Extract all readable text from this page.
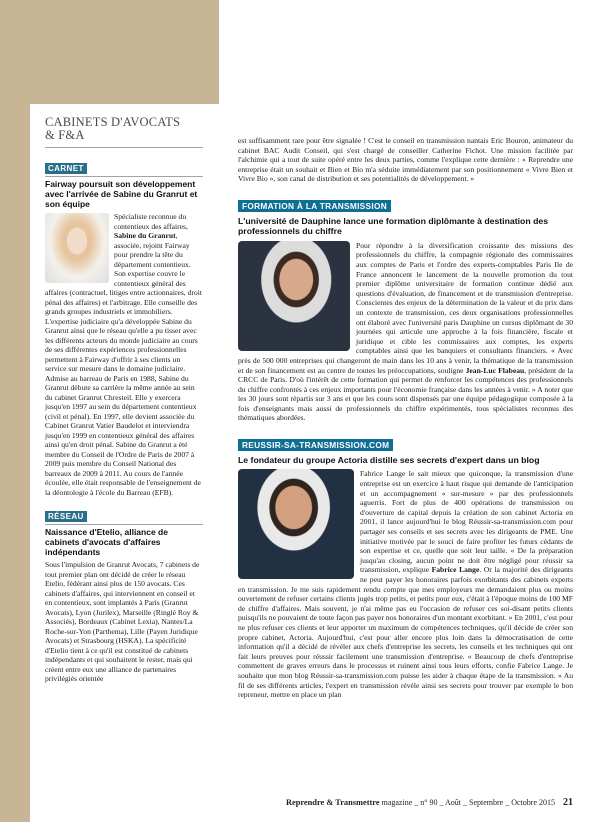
CABINETS D'AVOCATS
& F&A

CARNET
Fairway poursuit son développement avec l'arrivée de Sabine du Granrut et son équipe

Spécialiste reconnue du contentieux des affaires, Sabine du Granrut, associée, rejoint Fairway pour prendre la tête du département contentieux. Son expertise couvre le contentieux général des affaires (contractuel, litiges entre actionnaires, droit pénal des affaires) et l'arbitrage. Elle conseille des grands groupes industriels et immobiliers. L'expertise judiciaire qu'a développée Sabine du Granrut ainsi que le réseau qu'elle a pu tisser avec les différents acteurs du monde judiciaire au cours de ses différentes expériences professionnelles permettent à Fairway d'offrir à ses clients un service sur mesure dans le domaine judiciaire. Admise au barreau de Paris en 1988, Sabine du Granrut débute sa carrière la même année au sein du cabinet Granrut Chresteil. Elle y exercera jusqu'en 1997 au sein du département contentieux (civil et pénal). En 1997, elle devient associée du Cabinet Granrut Vatier Baudelot et interviendra jusqu'en 1999 en contentieux général des affaires ainsi qu'en droit pénal. Sabine du Granrut a été membre du Conseil de l'Ordre de Paris de 2007 à 2009 puis membre du Conseil National des barreaux de 2009 à 2011. Au cours de l'année écoulée, elle était responsable de l'enseignement de la déontologie à l'école du Barreau (EFB).

RÉSEAU
Naissance d'Etelio, alliance de cabinets d'avocats d'affaires indépendants

Sous l'impulsion de Granrut Avocats, 7 cabinets de tout premier plan ont décidé de créer le réseau Etelio, fédérant ainsi plus de 150 avocats. Ces cabinets d'affaires, qui interviennent en conseil et en contentieux, sont implantés à Paris (Granrut Avocats), Lyon (Jurilex), Marseille (Ringlé Roy & Associés), Bordeaux (Cabinet Lexia), Nantes/La Roche-sur-Yon (Parthema), Lille (Payen Juridique Avocats) et Strasbourg (HSKA). La spécificité d'Etelio tient à ce qu'il est constitué de cabinets indépendants et qui souhaitent le rester, mais qui créent entre eux une alliance de partenaires privilégiés orientée

est suffisamment rare pour être signalée ! C'est le conseil en transmission nantais Eric Bouron, animateur du cabinet BAC Audit Conseil, qui s'est chargé de conseiller Catherine Fichot. Une mission facilitée par l'alchimie qui a tout de suite opéré entre les deux parties, comme l'explique cette dernière : « Reprendre une entreprise était un souhait et Bien et Bio m'a séduite immédiatement par son positionnement « Vivre Bien et Vivre Bio », son canal de distribution et ses potentialités de développement. »

FORMATION À LA TRANSMISSION
L'université de Dauphine lance une formation diplômante à destination des professionnels du chiffre

Pour répondre à la diversification croissante des missions des professionnels du chiffre, la compagnie régionale des commissaires aux comptes de Paris et l'ordre des experts-comptables Paris Ile de France annoncent le lancement de la nouvelle promotion du tout premier diplôme universitaire de formation continue dédié aux questions d'évaluation, de financement et de transmission d'entreprise. Conscientes des enjeux de la détermination de la valeur et du prix dans un contexte de transmission, ces deux organisations professionnelles ont élaboré avec l'université paris Dauphine un cursus diplômant de 30 journées qui articule une approche à la fois financière, fiscale et juridique et cible les commissaires aux comptes, les experts comptables ainsi que les banquiers et consultants financiers. « Avec près de 500 000 entreprises qui changeront de main dans les 10 ans à venir, la thématique de la transmission et de son financement est au centre de toutes les préoccupations, souligne Jean-Luc Flabeau, président de la CRCC de Paris. D'où l'intérêt de cette formation qui permet de renforcer les compétences des professionnels du chiffre confrontés à ces enjeux importants pour l'économie française dans les années à venir. » A noter que les 30 jours sont répartis sur 3 ans et que les cours sont dispensés par une équipe pédagogique composée à la fois d'enseignants mais aussi de professionnels du chiffre expérimentés, tous spécialistes reconnus des thématiques abordées.

REUSSIR-SA-TRANSMISSION.COM
Le fondateur du groupe Actoria distille ses secrets d'expert dans un blog

Fabrice Lange le sait mieux que quiconque, la transmission d'une entreprise est un exercice à haut risque qui demande de l'anticipation et un accompagnement « sur-mesure » par des professionnels aguerris. Fort de plus de 400 opérations de transmission ou d'ouverture de capital depuis la création de son cabinet Actoria en 2001, il lance aujourd'hui le blog Réussir-sa-transmission.com pour partager ses conseils et ses secrets avec les dirigeants de PME. Une initiative motivée par le souci de faire profiter les futurs cédants de son expertise et ce, quelle que soit leur taille. « De la préparation jusqu'au closing, aucun point ne doit être négligé pour réussir sa transmission, explique Fabrice Lange. Or la majorité des dirigeants ne peut payer les honoraires parfois exorbitants des cabinets experts en transmission. Je me suis rapidement rendu compte que mes employeurs me demandaient plus ou moins ouvertement de refuser certains clients jugés trop petits, et petits pour eux, c'était à l'époque moins de 100 MF de chiffre d'affaires. Mais souvent, je n'ai même pas eu l'occasion de refuser ces soi-disant petits clients puisqu'ils ne pouvaient de toute façon pas payer nos honoraires d'un montant exorbitant. » En 2001, c'est pour ne plus refuser ces clients et leur apporter un maximum de compétences techniques, qu'il décide de créer son propre cabinet, Actoria. Aujourd'hui, c'est pour aller encore plus loin dans la démocratisation de cette information qu'il a décidé de révéler aux chefs d'entreprise les secrets, les conseils et les techniques qui ont fait leurs preuves pour réussir facilement une transmission d'entreprise. « Beaucoup de chefs d'entreprise commettent de graves erreurs dans le processus et ruinent ainsi tous leurs efforts, confie Fabrice Lange. Je souhaite que mon blog Réussir-sa-transmission.com puisse les aider à chaque étape de la transmission. » Au fil de ses différents articles, l'expert en transmission révèle ainsi ses secrets pour trouver par exemple le bon repreneur, mettre en place un plan

Reprendre & Transmettre magazine _ n° 90 _ Août _ Septembre _ Octobre 2015 21
